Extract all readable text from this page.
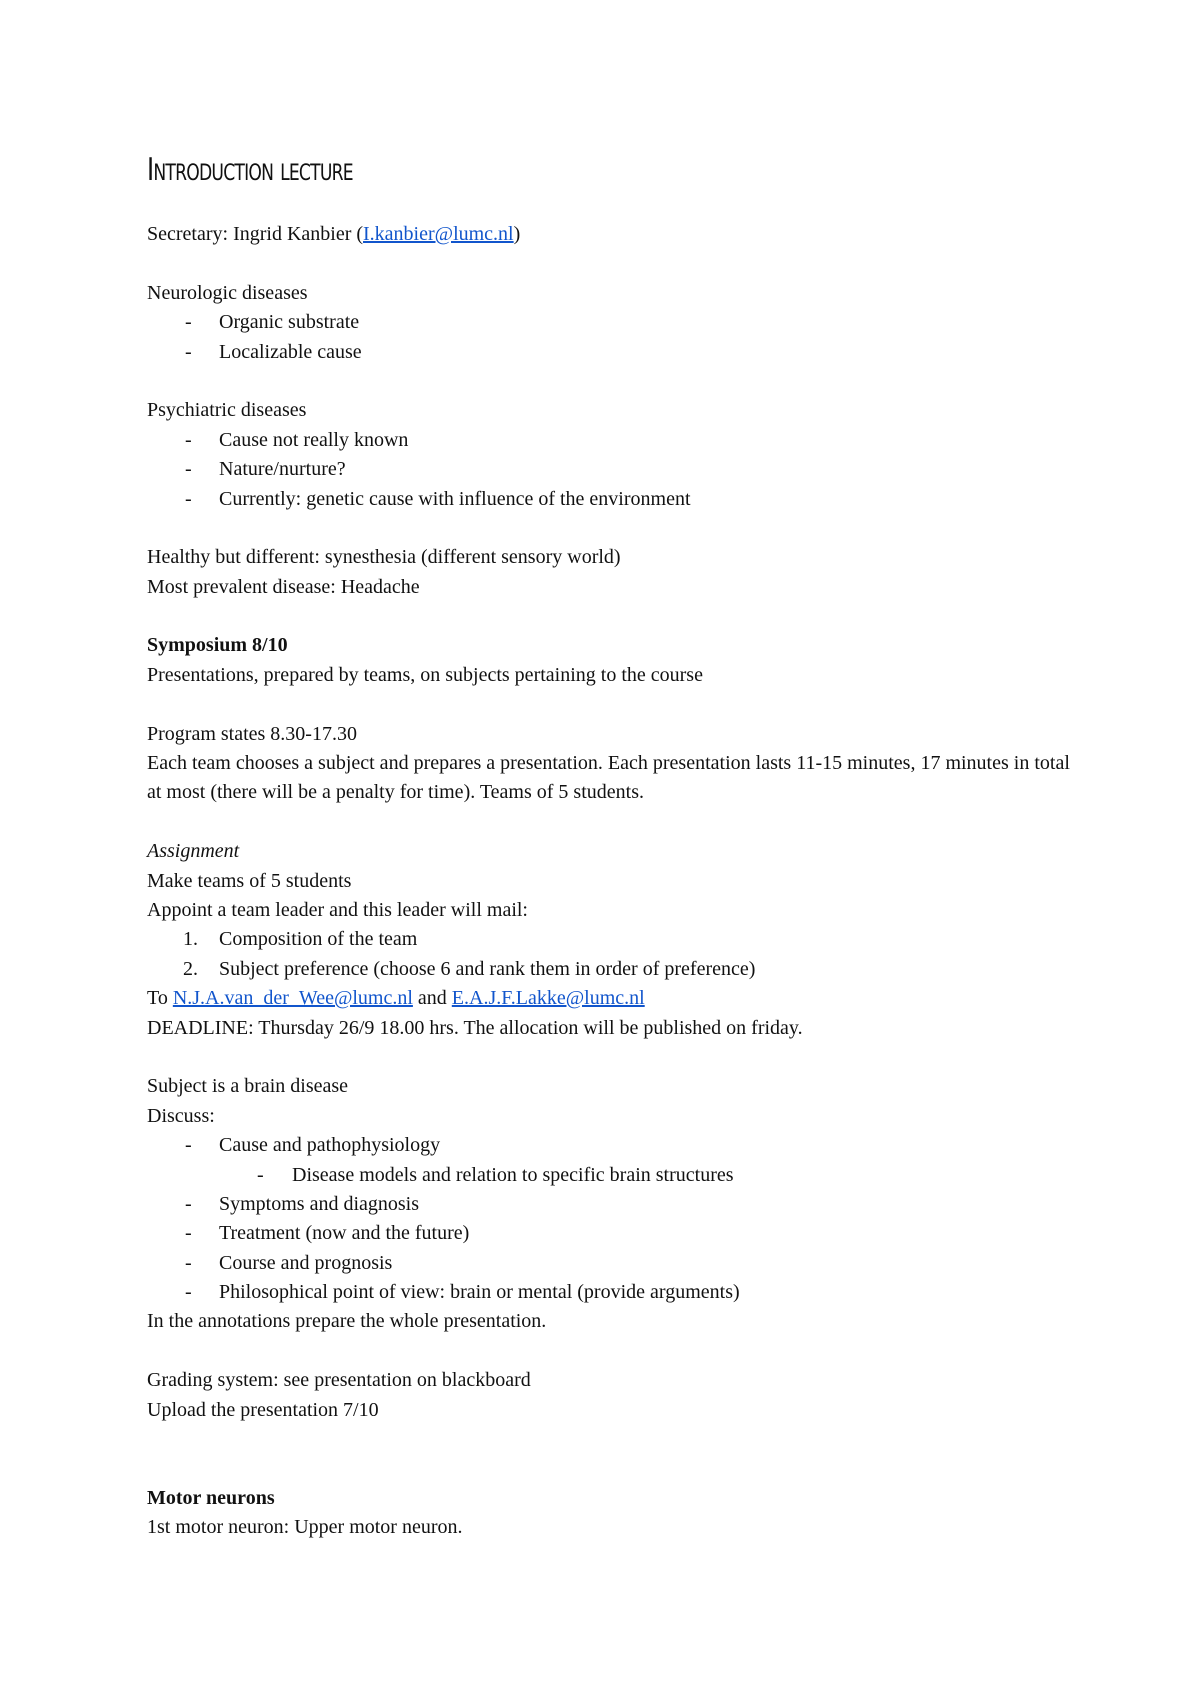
Introduction lecture
Secretary: Ingrid Kanbier (I.kanbier@lumc.nl)
Neurologic diseases
- Organic substrate
- Localizable cause
Psychiatric diseases
- Cause not really known
- Nature/nurture?
- Currently: genetic cause with influence of the environment
Healthy but different: synesthesia (different sensory world)
Most prevalent disease: Headache
Symposium 8/10
Presentations, prepared by teams, on subjects pertaining to the course
Program states 8.30-17.30
Each team chooses a subject and prepares a presentation. Each presentation lasts 11-15 minutes, 17 minutes in total at most (there will be a penalty for time). Teams of 5 students.
Assignment
Make teams of 5 students
Appoint a team leader and this leader will mail:
1. Composition of the team
2. Subject preference (choose 6 and rank them in order of preference)
To N.J.A.van_der_Wee@lumc.nl and E.A.J.F.Lakke@lumc.nl
DEADLINE: Thursday 26/9 18.00 hrs. The allocation will be published on friday.
Subject is a brain disease
Discuss:
- Cause and pathophysiology
- Disease models and relation to specific brain structures
- Symptoms and diagnosis
- Treatment (now and the future)
- Course and prognosis
- Philosophical point of view: brain or mental (provide arguments)
In the annotations prepare the whole presentation.
Grading system: see presentation on blackboard
Upload the presentation 7/10
Motor neurons
1st motor neuron: Upper motor neuron.
